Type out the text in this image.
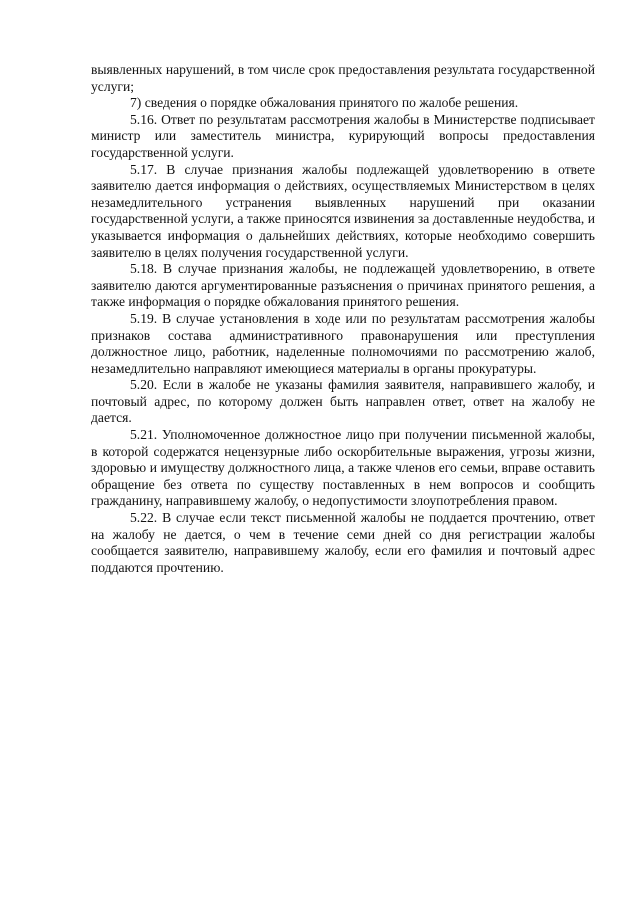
выявленных нарушений, в том числе срок предоставления результата государственной услуги;

7) сведения о порядке обжалования принятого по жалобе решения.

5.16. Ответ по результатам рассмотрения жалобы в Министерстве подписывает министр или заместитель министра, курирующий вопросы предоставления государственной услуги.

5.17. В случае признания жалобы подлежащей удовлетворению в ответе заявителю дается информация о действиях, осуществляемых Министерством в целях незамедлительного устранения выявленных нарушений при оказании государственной услуги, а также приносятся извинения за доставленные неудобства, и указывается информация о дальнейших действиях, которые необходимо совершить заявителю в целях получения государственной услуги.

5.18. В случае признания жалобы, не подлежащей удовлетворению, в ответе заявителю даются аргументированные разъяснения о причинах принятого решения, а также информация о порядке обжалования принятого решения.

5.19. В случае установления в ходе или по результатам рассмотрения жалобы признаков состава административного правонарушения или преступления должностное лицо, работник, наделенные полномочиями по рассмотрению жалоб, незамедлительно направляют имеющиеся материалы в органы прокуратуры.

5.20. Если в жалобе не указаны фамилия заявителя, направившего жалобу, и почтовый адрес, по которому должен быть направлен ответ, ответ на жалобу не дается.

5.21. Уполномоченное должностное лицо при получении письменной жалобы, в которой содержатся нецензурные либо оскорбительные выражения, угрозы жизни, здоровью и имуществу должностного лица, а также членов его семьи, вправе оставить обращение без ответа по существу поставленных в нем вопросов и сообщить гражданину, направившему жалобу, о недопустимости злоупотребления правом.

5.22. В случае если текст письменной жалобы не поддается прочтению, ответ на жалобу не дается, о чем в течение семи дней со дня регистрации жалобы сообщается заявителю, направившему жалобу, если его фамилия и почтовый адрес поддаются прочтению.
